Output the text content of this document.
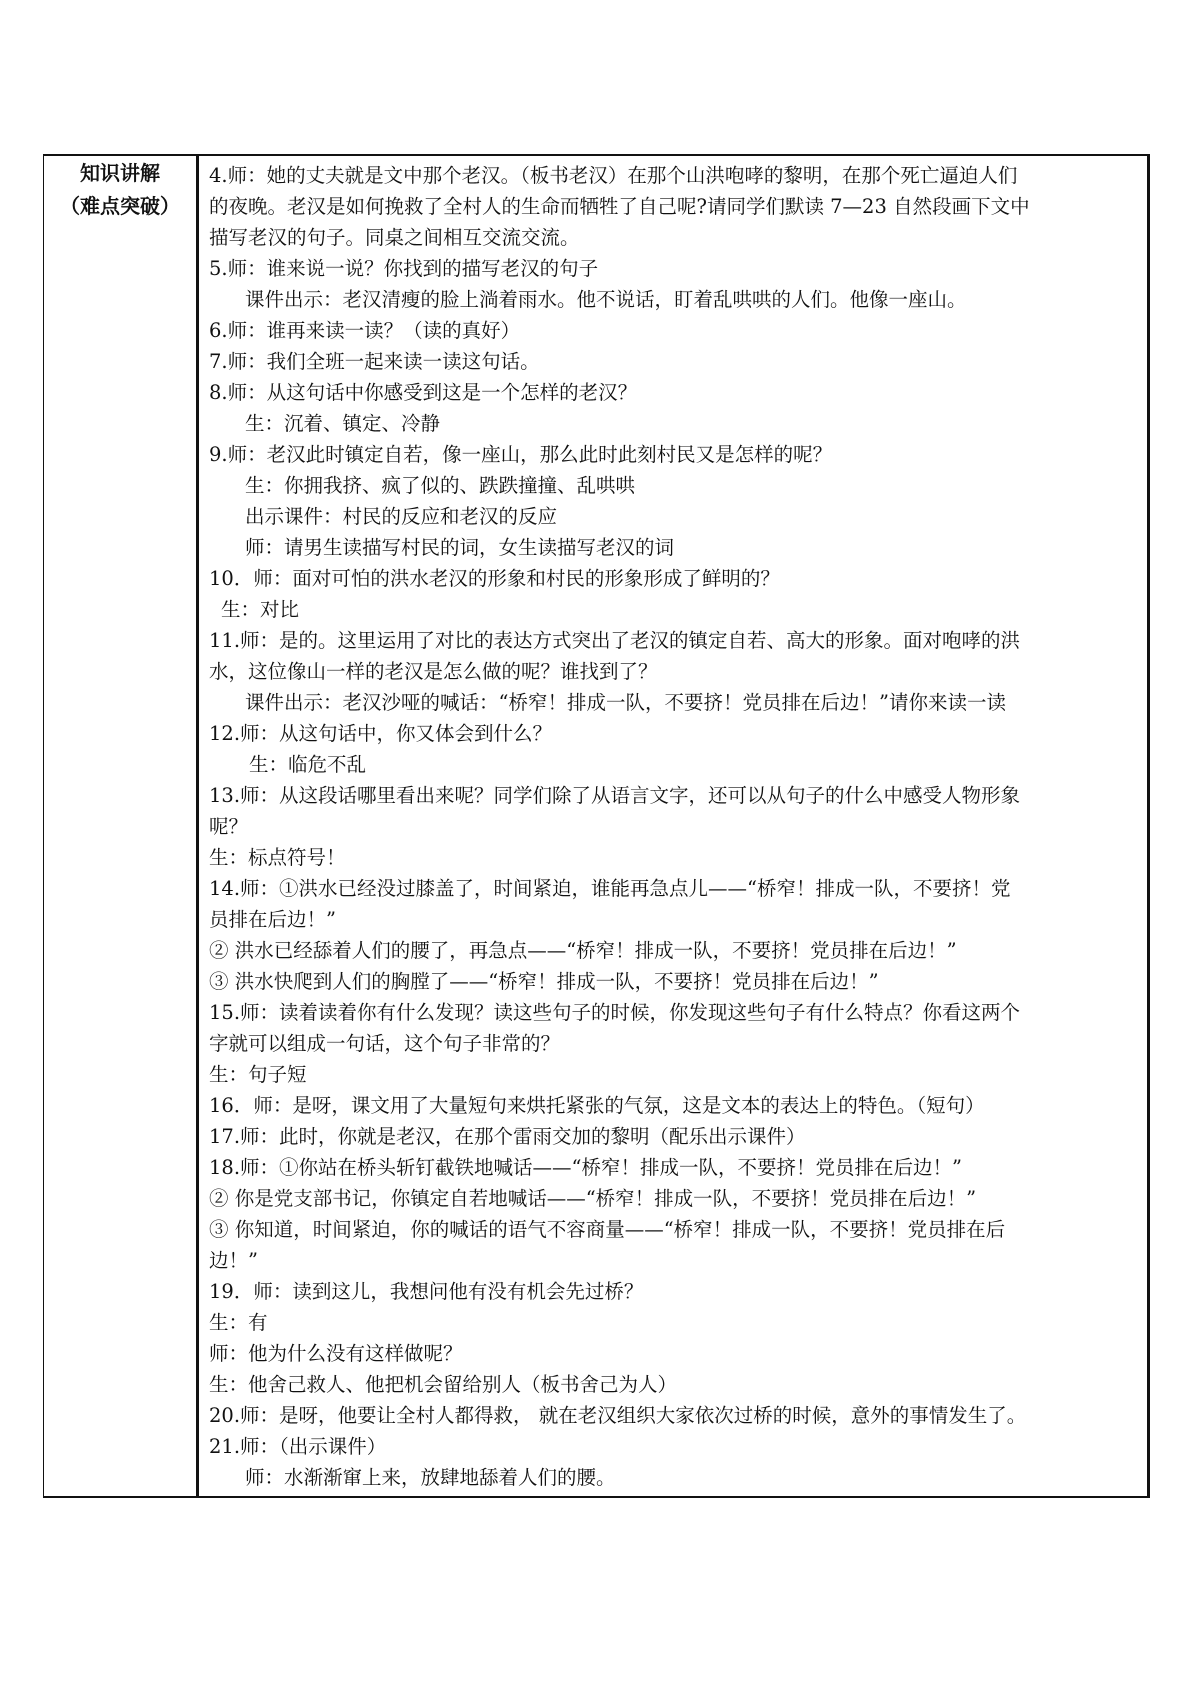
知识讲解
（难点突破）

4.师：她的丈夫就是文中那个老汉。（板书老汉）在那个山洪咆哮的黎明，在那个死亡逼迫人们
的夜晚。老汉是如何挽救了全村人的生命而牺牲了自己呢?请同学们默读 7—23 自然段画下文中
描写老汉的句子。同桌之间相互交流交流。
5.师：谁来说一说？你找到的描写老汉的句子
课件出示：老汉清瘦的脸上淌着雨水。他不说话，盯着乱哄哄的人们。他像一座山。
6.师：谁再来读一读？（读的真好）
7.师：我们全班一起来读一读这句话。
8.师：从这句话中你感受到这是一个怎样的老汉？
生：沉着、镇定、冷静
9.师：老汉此时镇定自若，像一座山，那么此时此刻村民又是怎样的呢？
生：你拥我挤、疯了似的、跌跌撞撞、乱哄哄
出示课件：村民的反应和老汉的反应
师：请男生读描写村民的词，女生读描写老汉的词
10．师：面对可怕的洪水老汉的形象和村民的形象形成了鲜明的？
生：对比
11.师：是的。这里运用了对比的表达方式突出了老汉的镇定自若、高大的形象。面对咆哮的洪
水，这位像山一样的老汉是怎么做的呢？谁找到了？
课件出示：老汉沙哑的喊话：“桥窄！排成一队，不要挤！党员排在后边！”请你来读一读
12.师：从这句话中，你又体会到什么？
生：临危不乱
13.师：从这段话哪里看出来呢？同学们除了从语言文字，还可以从句子的什么中感受人物形象
呢？
生：标点符号！
14.师：①洪水已经没过膝盖了，时间紧迫，谁能再急点儿——“桥窄！排成一队，不要挤！党
员排在后边！”
② 洪水已经舔着人们的腰了，再急点——“桥窄！排成一队，不要挤！党员排在后边！”
③ 洪水快爬到人们的胸膛了——“桥窄！排成一队，不要挤！党员排在后边！”
15.师：读着读着你有什么发现？读这些句子的时候，你发现这些句子有什么特点？你看这两个
字就可以组成一句话，这个句子非常的？
生：句子短
16．师：是呀，课文用了大量短句来烘托紧张的气氛，这是文本的表达上的特色。（短句）
17.师：此时，你就是老汉，在那个雷雨交加的黎明（配乐出示课件）
18.师：①你站在桥头斩钉截铁地喊话——“桥窄！排成一队，不要挤！党员排在后边！”
② 你是党支部书记，你镇定自若地喊话——“桥窄！排成一队，不要挤！党员排在后边！”
③ 你知道，时间紧迫，你的喊话的语气不容商量——“桥窄！排成一队，不要挤！党员排在后
边！”
19．师：读到这儿，我想问他有没有机会先过桥？
生：有
师：他为什么没有这样做呢？
生：他舍己救人、他把机会留给别人（板书舍己为人）
20.师：是呀，他要让全村人都得救， 就在老汉组织大家依次过桥的时候，意外的事情发生了。
21.师：（出示课件）
师：水渐渐窜上来，放肆地舔着人们的腰。
